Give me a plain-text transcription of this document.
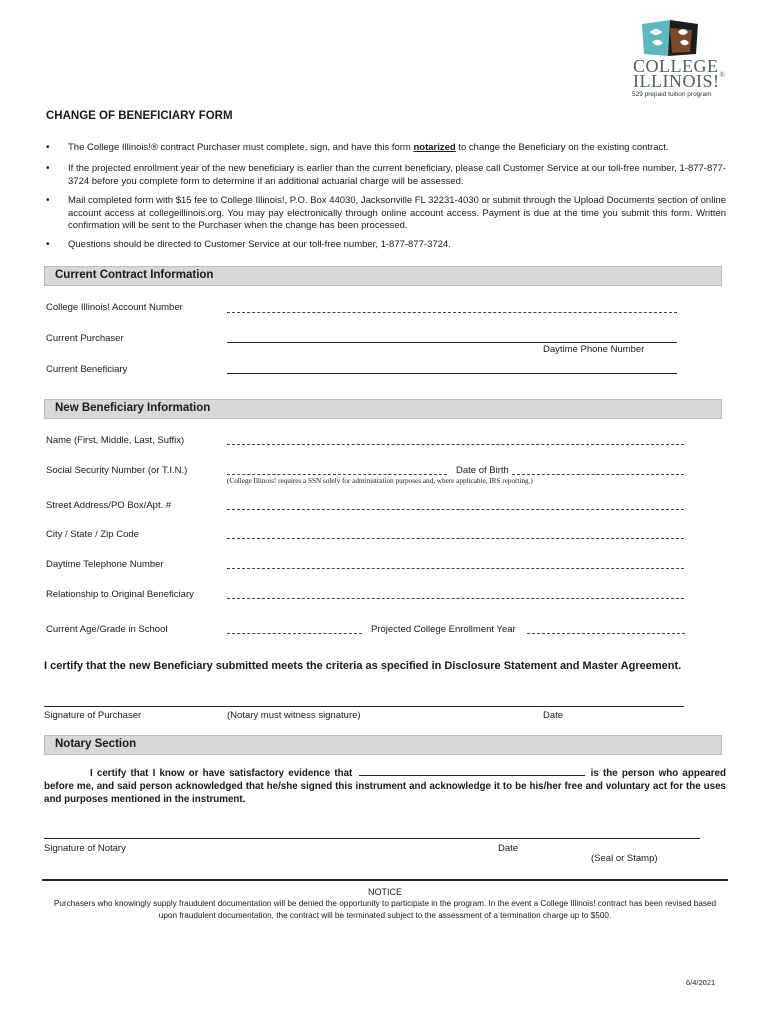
COLLEGE
ILLINOIS!®
529 prepaid tuition program
CHANGE OF BENEFICIARY FORM
• The College Illinois!® contract Purchaser must complete, sign, and have this form notarized to change the Beneficiary on the existing contract.
• If the projected enrollment year of the new beneficiary is earlier than the current beneficiary, please call Customer Service at our toll-free number, 1-877-877-3724 before you complete form to determine if an additional actuarial charge will be assessed.
• Mail completed form with $15 fee to College Illinois!, P.O. Box 44030, Jacksonville FL 32231-4030 or submit through the Upload Documents section of online account access at collegeillinois.org. You may pay electronically through online account access. Payment is due at the time you submit this form. Written confirmation will be sent to the Purchaser when the change has been processed.
• Questions should be directed to Customer Service at our toll-free number, 1-877-877-3724.
Current Contract Information
College Illinois! Account Number
Current Purchaser
Daytime Phone Number
Current Beneficiary
New Beneficiary Information
Name (First, Middle, Last, Suffix)
Social Security Number (or T.I.N.)	Date of Birth
(College Illinois! requires a SSN solely for administration purposes and, where applicable, IRS reporting.)
Street Address/PO Box/Apt. #
City / State / Zip Code
Daytime Telephone Number
Relationship to Original Beneficiary
Current Age/Grade in School	Projected College Enrollment Year
I certify that the new Beneficiary submitted meets the criteria as specified in Disclosure Statement and Master Agreement.
Signature of Purchaser	(Notary must witness signature)	Date
Notary Section
I certify that I know or have satisfactory evidence that	is the person who appeared before me, and said person acknowledged that he/she signed this instrument and acknowledge it to be his/her free and voluntary act for the uses and purposes mentioned in the instrument.
Signature of Notary	Date
(Seal or Stamp)
NOTICE
Purchasers who knowingly supply fraudulent documentation will be denied the opportunity to participate in the program. In the event a College Illinois! contract has been revised based upon fraudulent documentation, the contract will be terminated subject to the assessment of a termination charge up to $500.
6/4/2021
